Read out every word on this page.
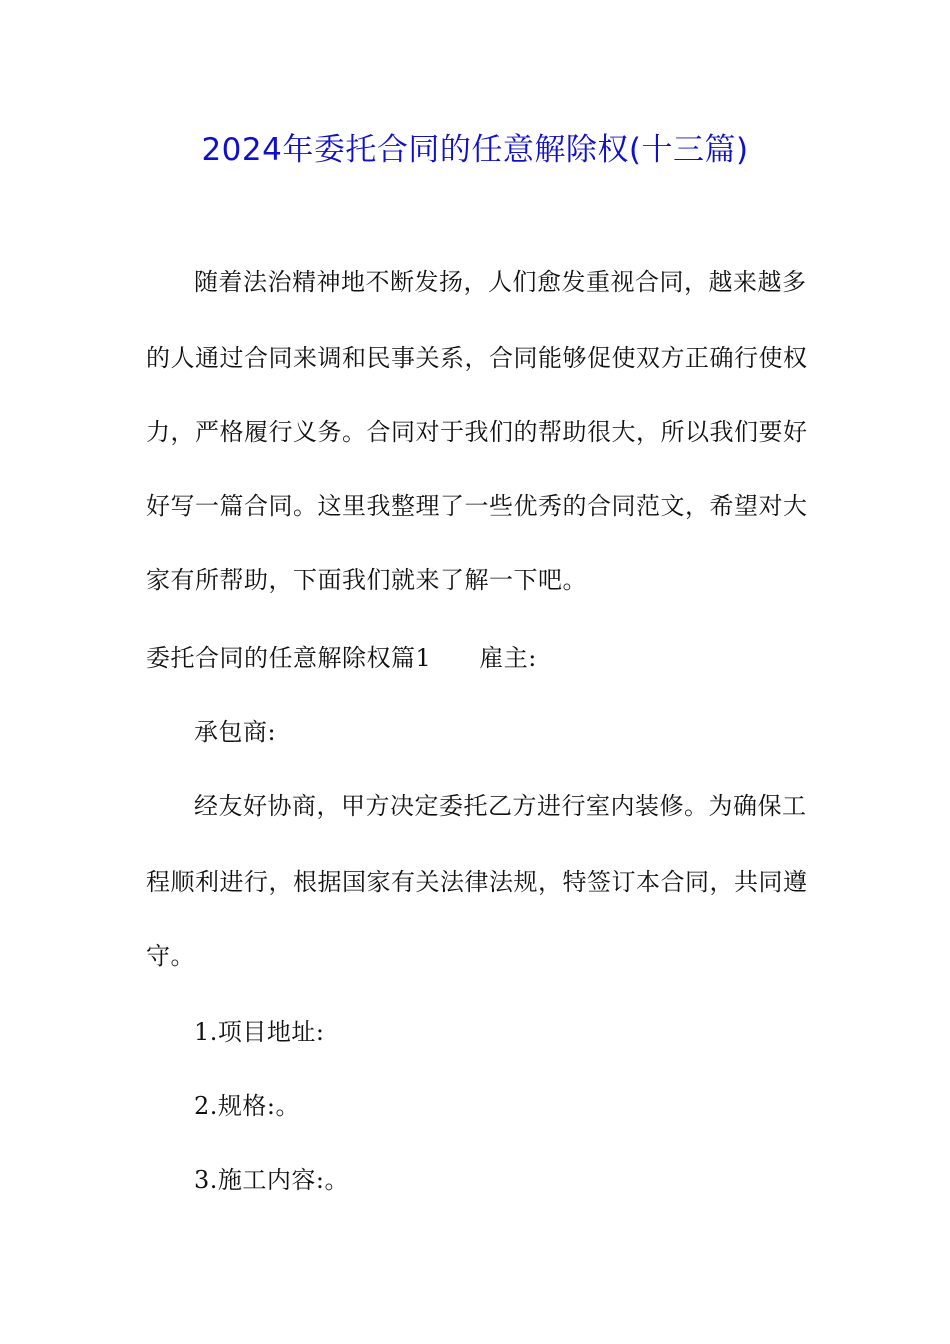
2024年委托合同的任意解除权(十三篇)
随着法治精神地不断发扬，人们愈发重视合同，越来越多
的人通过合同来调和民事关系，合同能够促使双方正确行使权
力，严格履行义务。合同对于我们的帮助很大，所以我们要好
好写一篇合同。这里我整理了一些优秀的合同范文，希望对大
家有所帮助，下面我们就来了解一下吧。
委托合同的任意解除权篇1 雇主:
承包商:
经友好协商，甲方决定委托乙方进行室内装修。为确保工
程顺利进行，根据国家有关法律法规，特签订本合同，共同遵
守。
1.项目地址:
2.规格:。
3.施工内容:。
